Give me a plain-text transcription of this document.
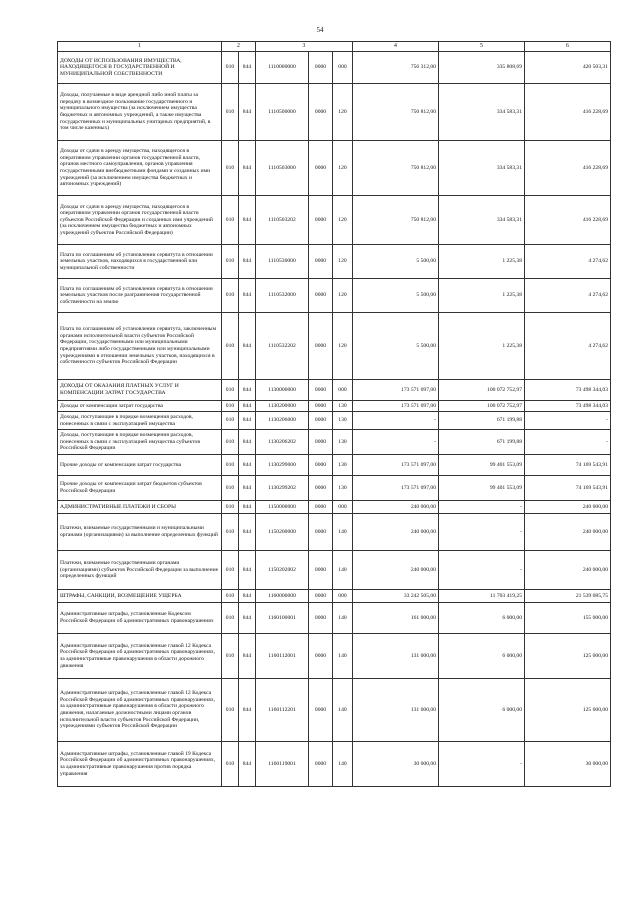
54
1	2		3			4	5	6
ДОХОДЫ ОТ ИСПОЛЬЗОВАНИЯ ИМУЩЕСТВА, НАХОДЯЩЕГОСЯ В ГОСУДАРСТВЕННОЙ И МУНИЦИПАЛЬНОЙ СОБСТВЕННОСТИ	010	844	1110000000	0000	000	756 312,00	335 808,69	420 503,31
Доходы, получаемые в виде арендной либо иной платы за передачу в возмездное пользование государственного и муниципального имущества (за исключением имущества бюджетных и автономных учреждений, а также имущества государственных и муниципальных унитарных предприятий, в том числе казенных)	010	844	1110500000	0000	120	750 812,00	334 583,31	416 228,69
Доходы от сдачи в аренду имущества, находящегося в оперативном управлении органов государственной власти, органов местного самоуправления, органов управления государственными внебюджетными фондами и созданных ими учреждений (за исключением имущества бюджетных и автономных учреждений)	010	844	1110503000	0000	120	750 812,00	334 583,31	416 228,69
Доходы от сдачи в аренду имущества, находящегося в оперативном управлении органов государственной власти субъектов Российской Федерации и созданных ими учреждений (за исключением имущества бюджетных и автономных учреждений субъектов Российской Федерации)	010	844	1110503202	0000	120	750 812,00	334 583,31	416 228,69
Плата по соглашениям об установлении сервитута в отношении земельных участков, находящихся в государственной или муниципальной собственности	010	844	1110530000	0000	120	5 500,00	1 225,38	4 274,62
Плата по соглашениям об установлении сервитута в отношении земельных участков после разграничения государственной собственности на землю	010	844	1110532000	0000	120	5 500,00	1 225,38	4 274,62
Плата по соглашениям об установлении сервитута, заключенным органами исполнительной власти субъектов Российской Федерации, государственными или муниципальными предприятиями либо государственными или муниципальными учреждениями в отношении земельных участков, находящихся в собственности субъектов Российской Федерации	010	844	1110532202	0000	120	5 500,00	1 225,38	4 274,62
ДОХОДЫ ОТ ОКАЗАНИЯ ПЛАТНЫХ УСЛУГ И КОМПЕНСАЦИИ ЗАТРАТ ГОСУДАРСТВА	010	844	1130000000	0000	000	173 571 097,00	100 072 752,97	73 498 344,03
Доходы от компенсации затрат государства	010	844	1130200000	0000	130	173 571 097,00	100 072 752,97	73 498 344,03
Доходы, поступающие в порядке возмещения расходов, понесенных в связи с эксплуатацией имущества	010	844	1130206000	0000	130	-	671 199,88	-
Доходы, поступающие в порядке возмещения расходов, понесенных в связи с эксплуатацией имущества субъектов Российской Федерации	010	844	1130206202	0000	130	-	671 199,88	-
Прочие доходы от компенсации затрат государства	010	844	1130299000	0000	130	173 571 097,00	99 401 553,09	74 169 543,91
Прочие доходы от компенсации затрат бюджетов субъектов Российской Федерации	010	844	1130299202	0000	130	173 571 097,00	99 401 553,09	74 169 543,91
АДМИНИСТРАТИВНЫЕ ПЛАТЕЖИ И СБОРЫ	010	844	1150000000	0000	000	240 000,00	-	240 000,00
Платежи, взимаемые государственными и муниципальными органами (организациями) за выполнение определенных функций	010	844	1150200000	0000	140	240 000,00	-	240 000,00
Платежи, взимаемые государственными органами (организациями) субъектов Российской Федерации за выполнение определенных функций	010	844	1150202002	0000	140	240 000,00	-	240 000,00
ШТРАФЫ, САНКЦИИ, ВОЗМЕЩЕНИЕ УЩЕРБА	010	844	1160000000	0000	000	33 242 505,00	11 703 419,25	21 539 085,75
Административные штрафы, установленные Кодексом Российской Федерации об административных правонарушениях	010	844	1160100001	0000	140	161 000,00	6 000,00	155 000,00
Административные штрафы, установленные главой 12 Кодекса Российской Федерации об административных правонарушениях, за административные правонарушения в области дорожного движения	010	844	1160112001	0000	140	131 000,00	6 000,00	125 000,00
Административные штрафы, установленные главой 12 Кодекса Российской Федерации об административных правонарушениях, за административные правонарушения в области дорожного движения, налагаемые должностными лицами органов исполнительной власти субъектов Российской Федерации, учреждениями субъектов Российской Федерации	010	844	1160112201	0000	140	131 000,00	6 000,00	125 000,00
Административные штрафы, установленные главой 19 Кодекса Российской Федерации об административных правонарушениях, за административные правонарушения против порядка управления	010	844	1160119001	0000	140	30 000,00	-	30 000,00
